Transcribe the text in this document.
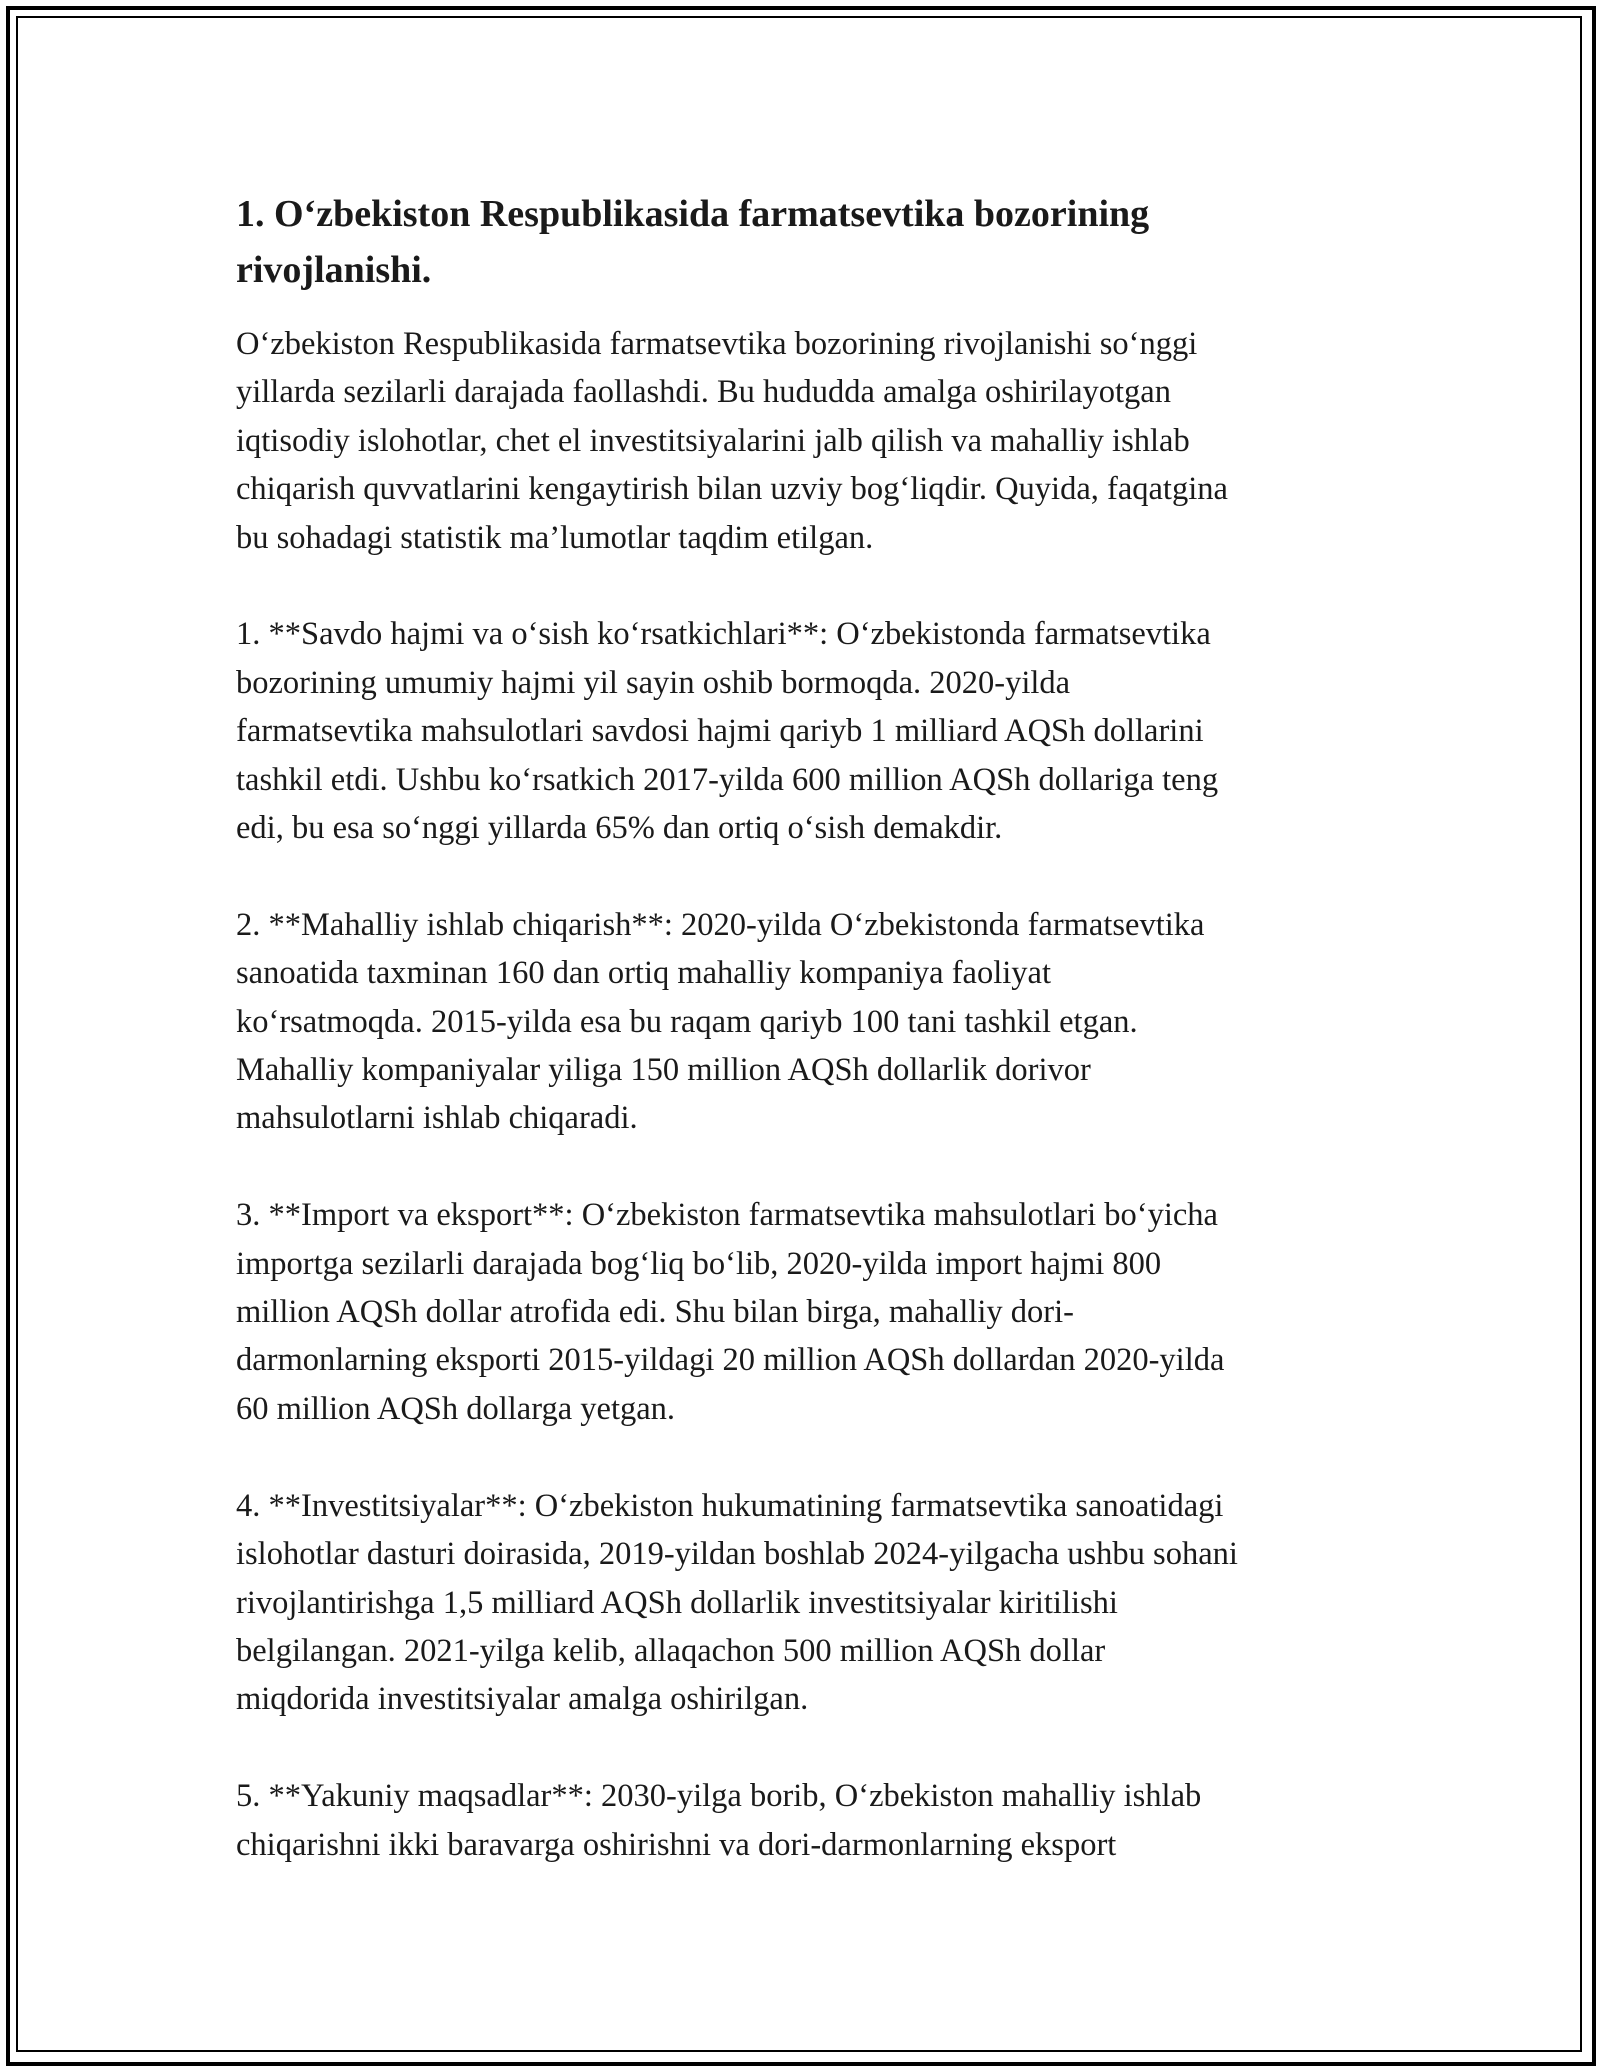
1. O‘zbekiston Respublikasida farmatsevtika bozorining
rivojlanishi.

O‘zbekiston Respublikasida farmatsevtika bozorining rivojlanishi so‘nggi
yillarda sezilarli darajada faollashdi. Bu hududda amalga oshirilayotgan
iqtisodiy islohotlar, chet el investitsiyalarini jalb qilish va mahalliy ishlab
chiqarish quvvatlarini kengaytirish bilan uzviy bog‘liqdir. Quyida, faqatgina
bu sohadagi statistik ma’lumotlar taqdim etilgan.

1. **Savdo hajmi va o‘sish ko‘rsatkichlari**: O‘zbekistonda farmatsevtika
bozorining umumiy hajmi yil sayin oshib bormoqda. 2020-yilda
farmatsevtika mahsulotlari savdosi hajmi qariyb 1 milliard AQSh dollarini
tashkil etdi. Ushbu ko‘rsatkich 2017-yilda 600 million AQSh dollariga teng
edi, bu esa so‘nggi yillarda 65% dan ortiq o‘sish demakdir.

2. **Mahalliy ishlab chiqarish**: 2020-yilda O‘zbekistonda farmatsevtika
sanoatida taxminan 160 dan ortiq mahalliy kompaniya faoliyat
ko‘rsatmoqda. 2015-yilda esa bu raqam qariyb 100 tani tashkil etgan.
Mahalliy kompaniyalar yiliga 150 million AQSh dollarlik dorivor
mahsulotlarni ishlab chiqaradi.

3. **Import va eksport**: O‘zbekiston farmatsevtika mahsulotlari bo‘yicha
importga sezilarli darajada bog‘liq bo‘lib, 2020-yilda import hajmi 800
million AQSh dollar atrofida edi. Shu bilan birga, mahalliy dori-
darmonlarning eksporti 2015-yildagi 20 million AQSh dollardan 2020-yilda
60 million AQSh dollarga yetgan.

4. **Investitsiyalar**: O‘zbekiston hukumatining farmatsevtika sanoatidagi
islohotlar dasturi doirasida, 2019-yildan boshlab 2024-yilgacha ushbu sohani
rivojlantirishga 1,5 milliard AQSh dollarlik investitsiyalar kiritilishi
belgilangan. 2021-yilga kelib, allaqachon 500 million AQSh dollar
miqdorida investitsiyalar amalga oshirilgan.

5. **Yakuniy maqsadlar**: 2030-yilga borib, O‘zbekiston mahalliy ishlab
chiqarishni ikki baravarga oshirishni va dori-darmonlarning eksport
